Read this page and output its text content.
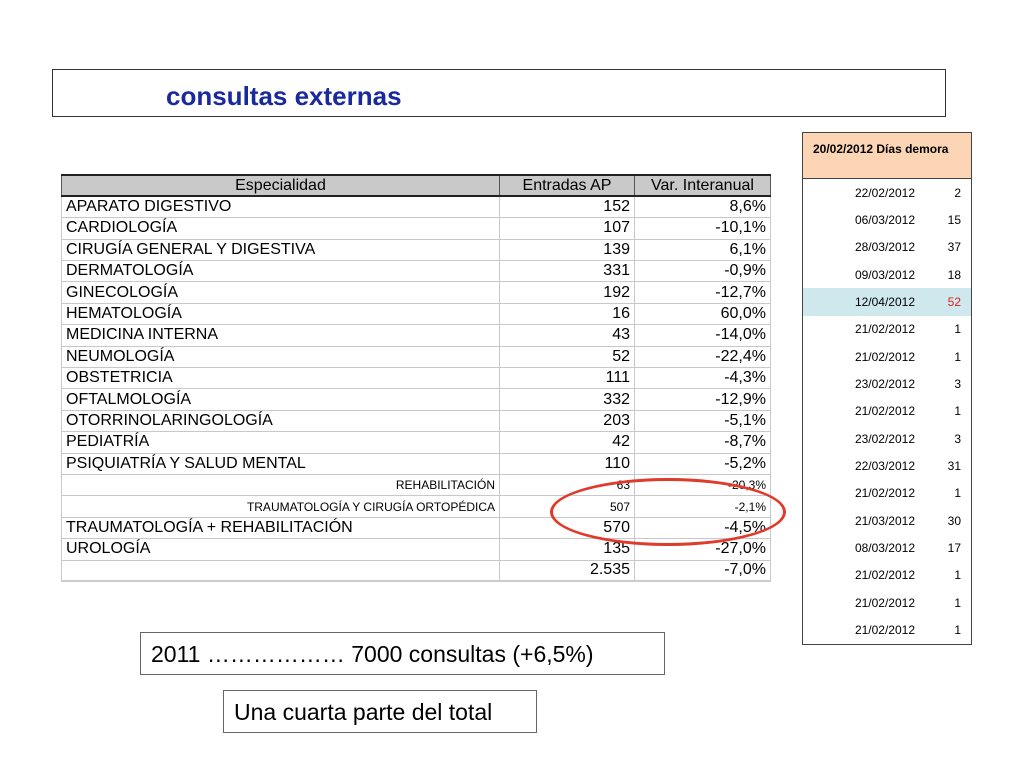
consultas externas
Especialidad	Entradas AP	Var. Interanual
APARATO DIGESTIVO	152	8,6%
CARDIOLOGÍA	107	-10,1%
CIRUGÍA GENERAL Y DIGESTIVA	139	6,1%
DERMATOLOGÍA	331	-0,9%
GINECOLOGÍA	192	-12,7%
HEMATOLOGÍA	16	60,0%
MEDICINA INTERNA	43	-14,0%
NEUMOLOGÍA	52	-22,4%
OBSTETRICIA	111	-4,3%
OFTALMOLOGÍA	332	-12,9%
OTORRINOLARINGOLOGÍA	203	-5,1%
PEDIATRÍA	42	-8,7%
PSIQUIATRÍA Y SALUD MENTAL	110	-5,2%
REHABILITACIÓN	63	-20,3%
TRAUMATOLOGÍA Y CIRUGÍA ORTOPÉDICA	507	-2,1%
TRAUMATOLOGÍA + REHABILITACIÓN	570	-4,5%
UROLOGÍA	135	-27,0%
	2.535	-7,0%
20/02/2012 Días demora
22/02/2012	2
06/03/2012	15
28/03/2012	37
09/03/2012	18
12/04/2012	52
21/02/2012	1
21/02/2012	1
23/02/2012	3
21/02/2012	1
23/02/2012	3
22/03/2012	31
21/02/2012	1
21/03/2012	30
08/03/2012	17
21/02/2012	1
21/02/2012	1
21/02/2012	1
2011 ……………… 7000 consultas (+6,5%)
Una cuarta parte del total
